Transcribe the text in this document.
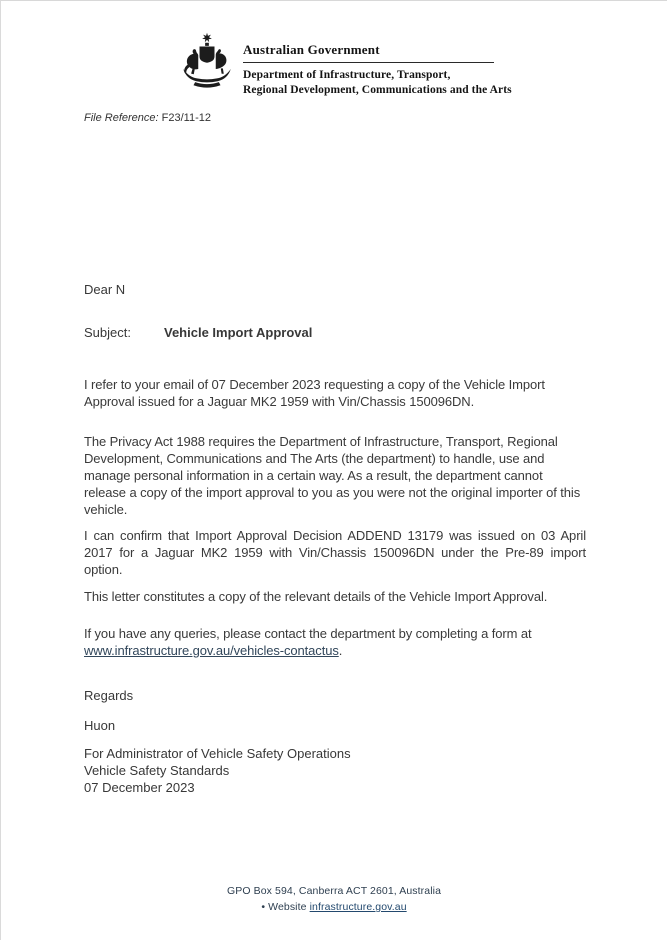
Australian Government
Department of Infrastructure, Transport,
Regional Development, Communications and the Arts
File Reference: F23/11-12
Dear N
Subject:	Vehicle Import Approval

I refer to your email of 07 December 2023 requesting a copy of the Vehicle Import Approval issued for a Jaguar MK2 1959 with Vin/Chassis 150096DN.

The Privacy Act 1988 requires the Department of Infrastructure, Transport, Regional Development, Communications and The Arts (the department) to handle, use and manage personal information in a certain way. As a result, the department cannot release a copy of the import approval to you as you were not the original importer of this vehicle.

I can confirm that Import Approval Decision ADDEND 13179 was issued on 03 April 2017 for a Jaguar MK2 1959 with Vin/Chassis 150096DN under the Pre-89 import option.

This letter constitutes a copy of the relevant details of the Vehicle Import Approval.

If you have any queries, please contact the department by completing a form at www.infrastructure.gov.au/vehicles-contactus.

Regards
Huon
For Administrator of Vehicle Safety Operations
Vehicle Safety Standards
07 December 2023
GPO Box 594, Canberra ACT 2601, Australia
• Website infrastructure.gov.au
